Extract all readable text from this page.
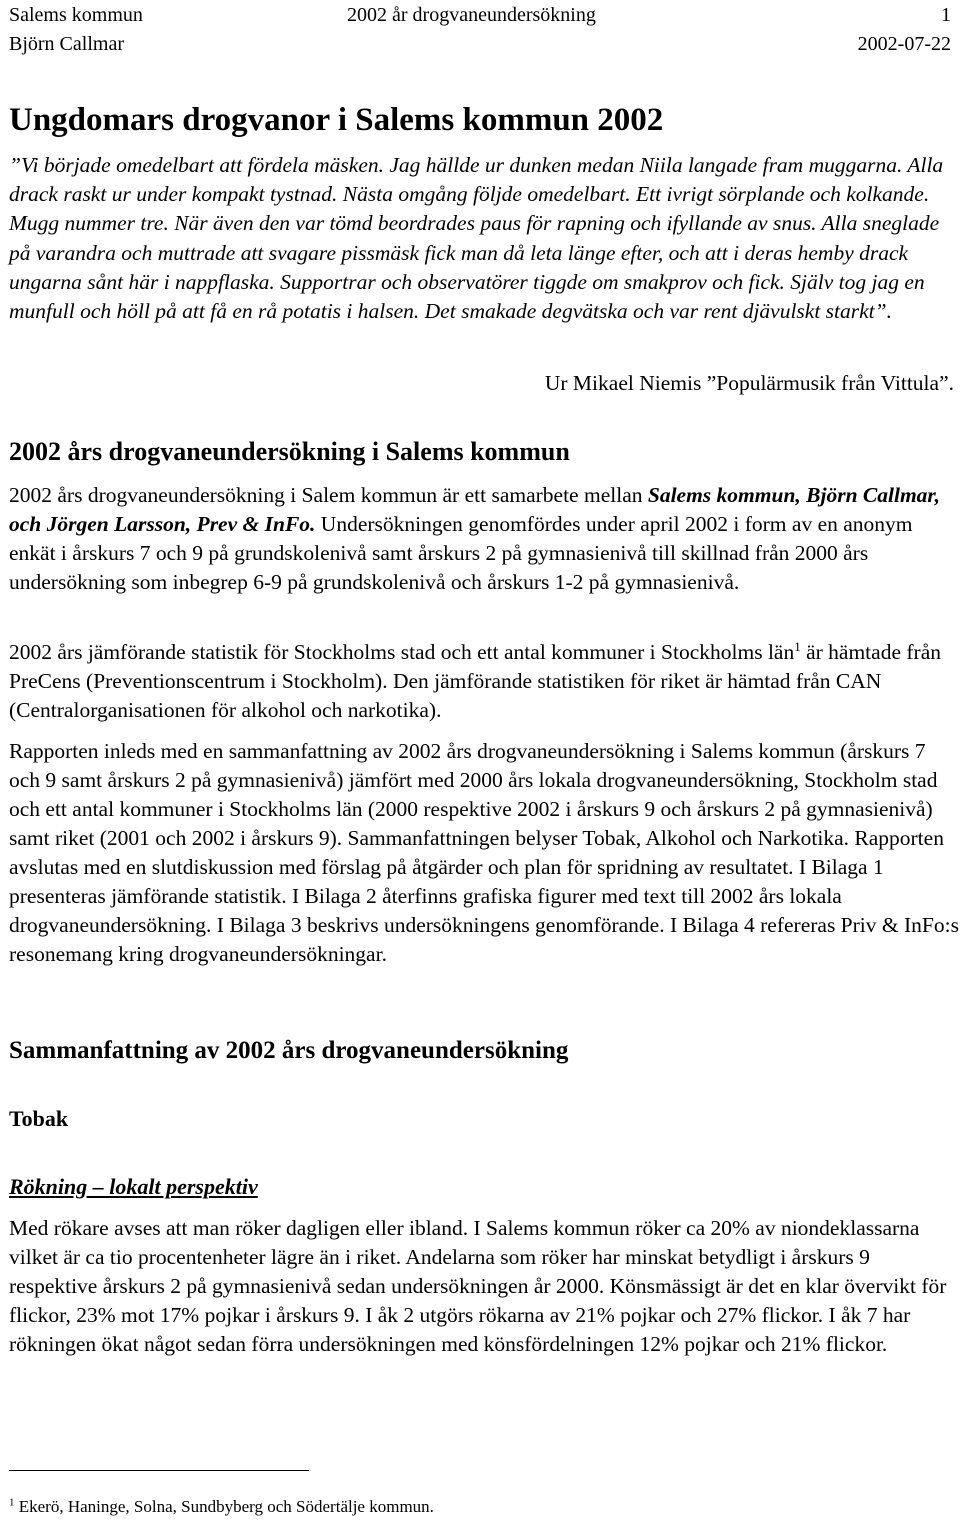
Salems kommun	2002 år drogvaneundersökning	1
Björn Callmar	2002-07-22
Ungdomars drogvanor i Salems kommun 2002

”Vi började omedelbart att fördela mäsken. Jag hällde ur dunken medan Niila langade fram muggarna. Alla drack raskt ur under kompakt tystnad. Nästa omgång följde omedelbart. Ett ivrigt sörplande och kolkande. Mugg nummer tre. När även den var tömd beordrades paus för rapning och ifyllande av snus. Alla sneglade på varandra och muttrade att svagare pissmäsk fick man då leta länge efter, och att i deras hemby drack ungarna sånt här i nappflaska. Supportrar och observatörer tiggde om smakprov och fick. Själv tog jag en munfull och höll på att få en rå potatis i halsen. Det smakade degvätska och var rent djävulskt starkt”.

Ur Mikael Niemis ”Populärmusik från Vittula”.

2002 års drogvaneundersökning i Salems kommun

2002 års drogvaneundersökning i Salem kommun är ett samarbete mellan Salems kommun, Björn Callmar, och Jörgen Larsson, Prev & InFo. Undersökningen genomfördes under april 2002 i form av en anonym enkät i årskurs 7 och 9 på grundskolenivå samt årskurs 2 på gymnasienivå till skillnad från 2000 års undersökning som inbegrep 6-9 på grundskolenivå och årskurs 1-2 på gymnasienivå.

2002 års jämförande statistik för Stockholms stad och ett antal kommuner i Stockholms län$^1$ är hämtade från PreCens (Preventionscentrum i Stockholm). Den jämförande statistiken för riket är hämtad från CAN (Centralorganisationen för alkohol och narkotika).

Rapporten inleds med en sammanfattning av 2002 års drogvaneundersökning i Salems kommun (årskurs 7 och 9 samt årskurs 2 på gymnasienivå) jämfört med 2000 års lokala drogvaneundersökning, Stockholm stad och ett antal kommuner i Stockholms län (2000 respektive 2002 i årskurs 9 och årskurs 2 på gymnasienivå) samt riket (2001 och 2002 i årskurs 9). Sammanfattningen belyser Tobak, Alkohol och Narkotika. Rapporten avslutas med en slutdiskussion med förslag på åtgärder och plan för spridning av resultatet. I Bilaga 1 presenteras jämförande statistik. I Bilaga 2 återfinns grafiska figurer med text till 2002 års lokala drogvaneundersökning. I Bilaga 3 beskrivs undersökningens genomförande. I Bilaga 4 refereras Priv & InFo:s resonemang kring drogvaneundersökningar.

Sammanfattning av 2002 års drogvaneundersökning
Tobak
Rökning – lokalt perspektiv

Med rökare avses att man röker dagligen eller ibland. I Salems kommun röker ca 20% av niondeklassarna vilket är ca tio procentenheter lägre än i riket. Andelarna som röker har minskat betydligt i årskurs 9 respektive årskurs 2 på gymnasienivå sedan undersökningen år 2000. Könsmässigt är det en klar övervikt för flickor, 23% mot 17% pojkar i årskurs 9. I åk 2 utgörs rökarna av 21% pojkar och 27% flickor. I åk 7 har rökningen ökat något sedan förra undersökningen med könsfördelningen 12% pojkar och 21% flickor.

$^1$ Ekerö, Haninge, Solna, Sundbyberg och Södertälje kommun.
